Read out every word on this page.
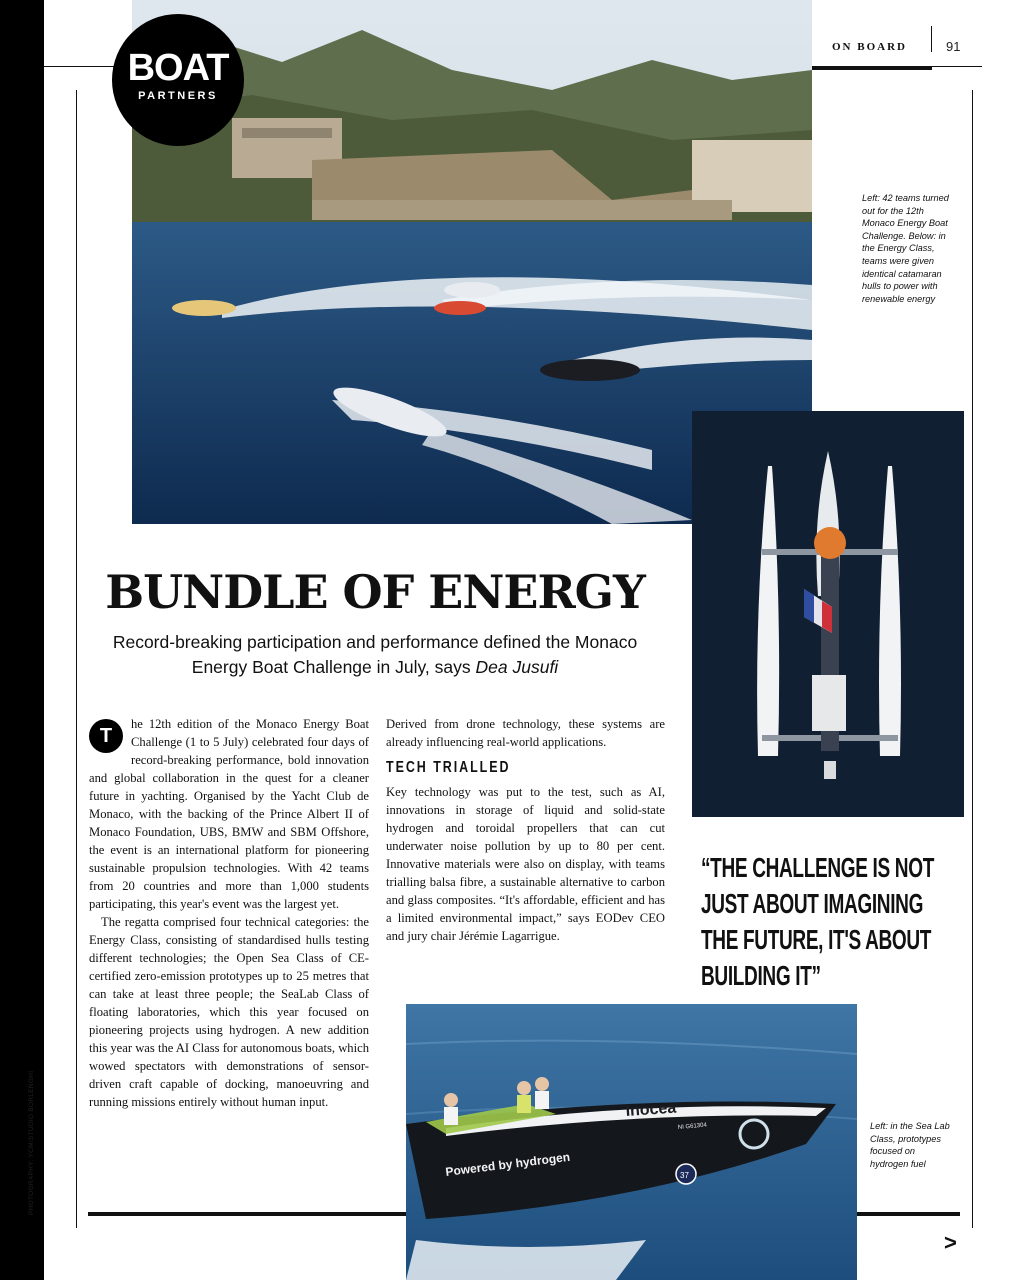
PHOTOGRAPHY: YCM/STUDIO BORLENGHI
ON BOARD	91
BOAT
PARTNERS
Left: 42 teams turned out for the 12th Monaco Energy Boat Challenge. Below: in the Energy Class, teams were given identical catamaran hulls to power with renewable energy
BUNDLE OF ENERGY

Record-breaking participation and performance defined the Monaco Energy Boat Challenge in July, says Dea Jusufi

T
he 12th edition of the Monaco Energy Boat Challenge (1 to 5 July) celebrated four days of record-breaking performance, bold innovation and global collaboration in the quest for a cleaner future in yachting. Organised by the Yacht Club de Monaco, with the backing of the Prince Albert II of Monaco Foundation, UBS, BMW and SBM Offshore, the event is an international platform for pioneering sustainable propulsion technologies. With 42 teams from 20 countries and more than 1,000 students participating, this year's event was the largest yet.

The regatta comprised four technical categories: the Energy Class, consisting of standardised hulls testing different technologies; the Open Sea Class of CE-certified zero-emission prototypes up to 25 metres that can take at least three people; the SeaLab Class of floating laboratories, which this year focused on pioneering projects using hydrogen. A new addition this year was the AI Class for autonomous boats, which wowed spectators with demonstrations of sensor-driven craft capable of docking, manoeuvring and running missions entirely without human input.

Derived from drone technology, these systems are already influencing real-world applications.

TECH TRIALLED

Key technology was put to the test, such as AI, innovations in storage of liquid and solid-state hydrogen and toroidal propellers that can cut underwater noise pollution by up to 80 per cent. Innovative materials were also on display, with teams trialling balsa fibre, a sustainable alternative to carbon and glass composites. “It's affordable, efficient and has a limited environmental impact,” says EODev CEO and jury chair Jérémie Lagarrigue.

“THE CHALLENGE IS NOT JUST ABOUT IMAGINING THE FUTURE, IT'S ABOUT BUILDING IT”
37
Inocea
NI G61304
Powered by hydrogen
Left: in the Sea Lab Class, prototypes focused on hydrogen fuel
>
